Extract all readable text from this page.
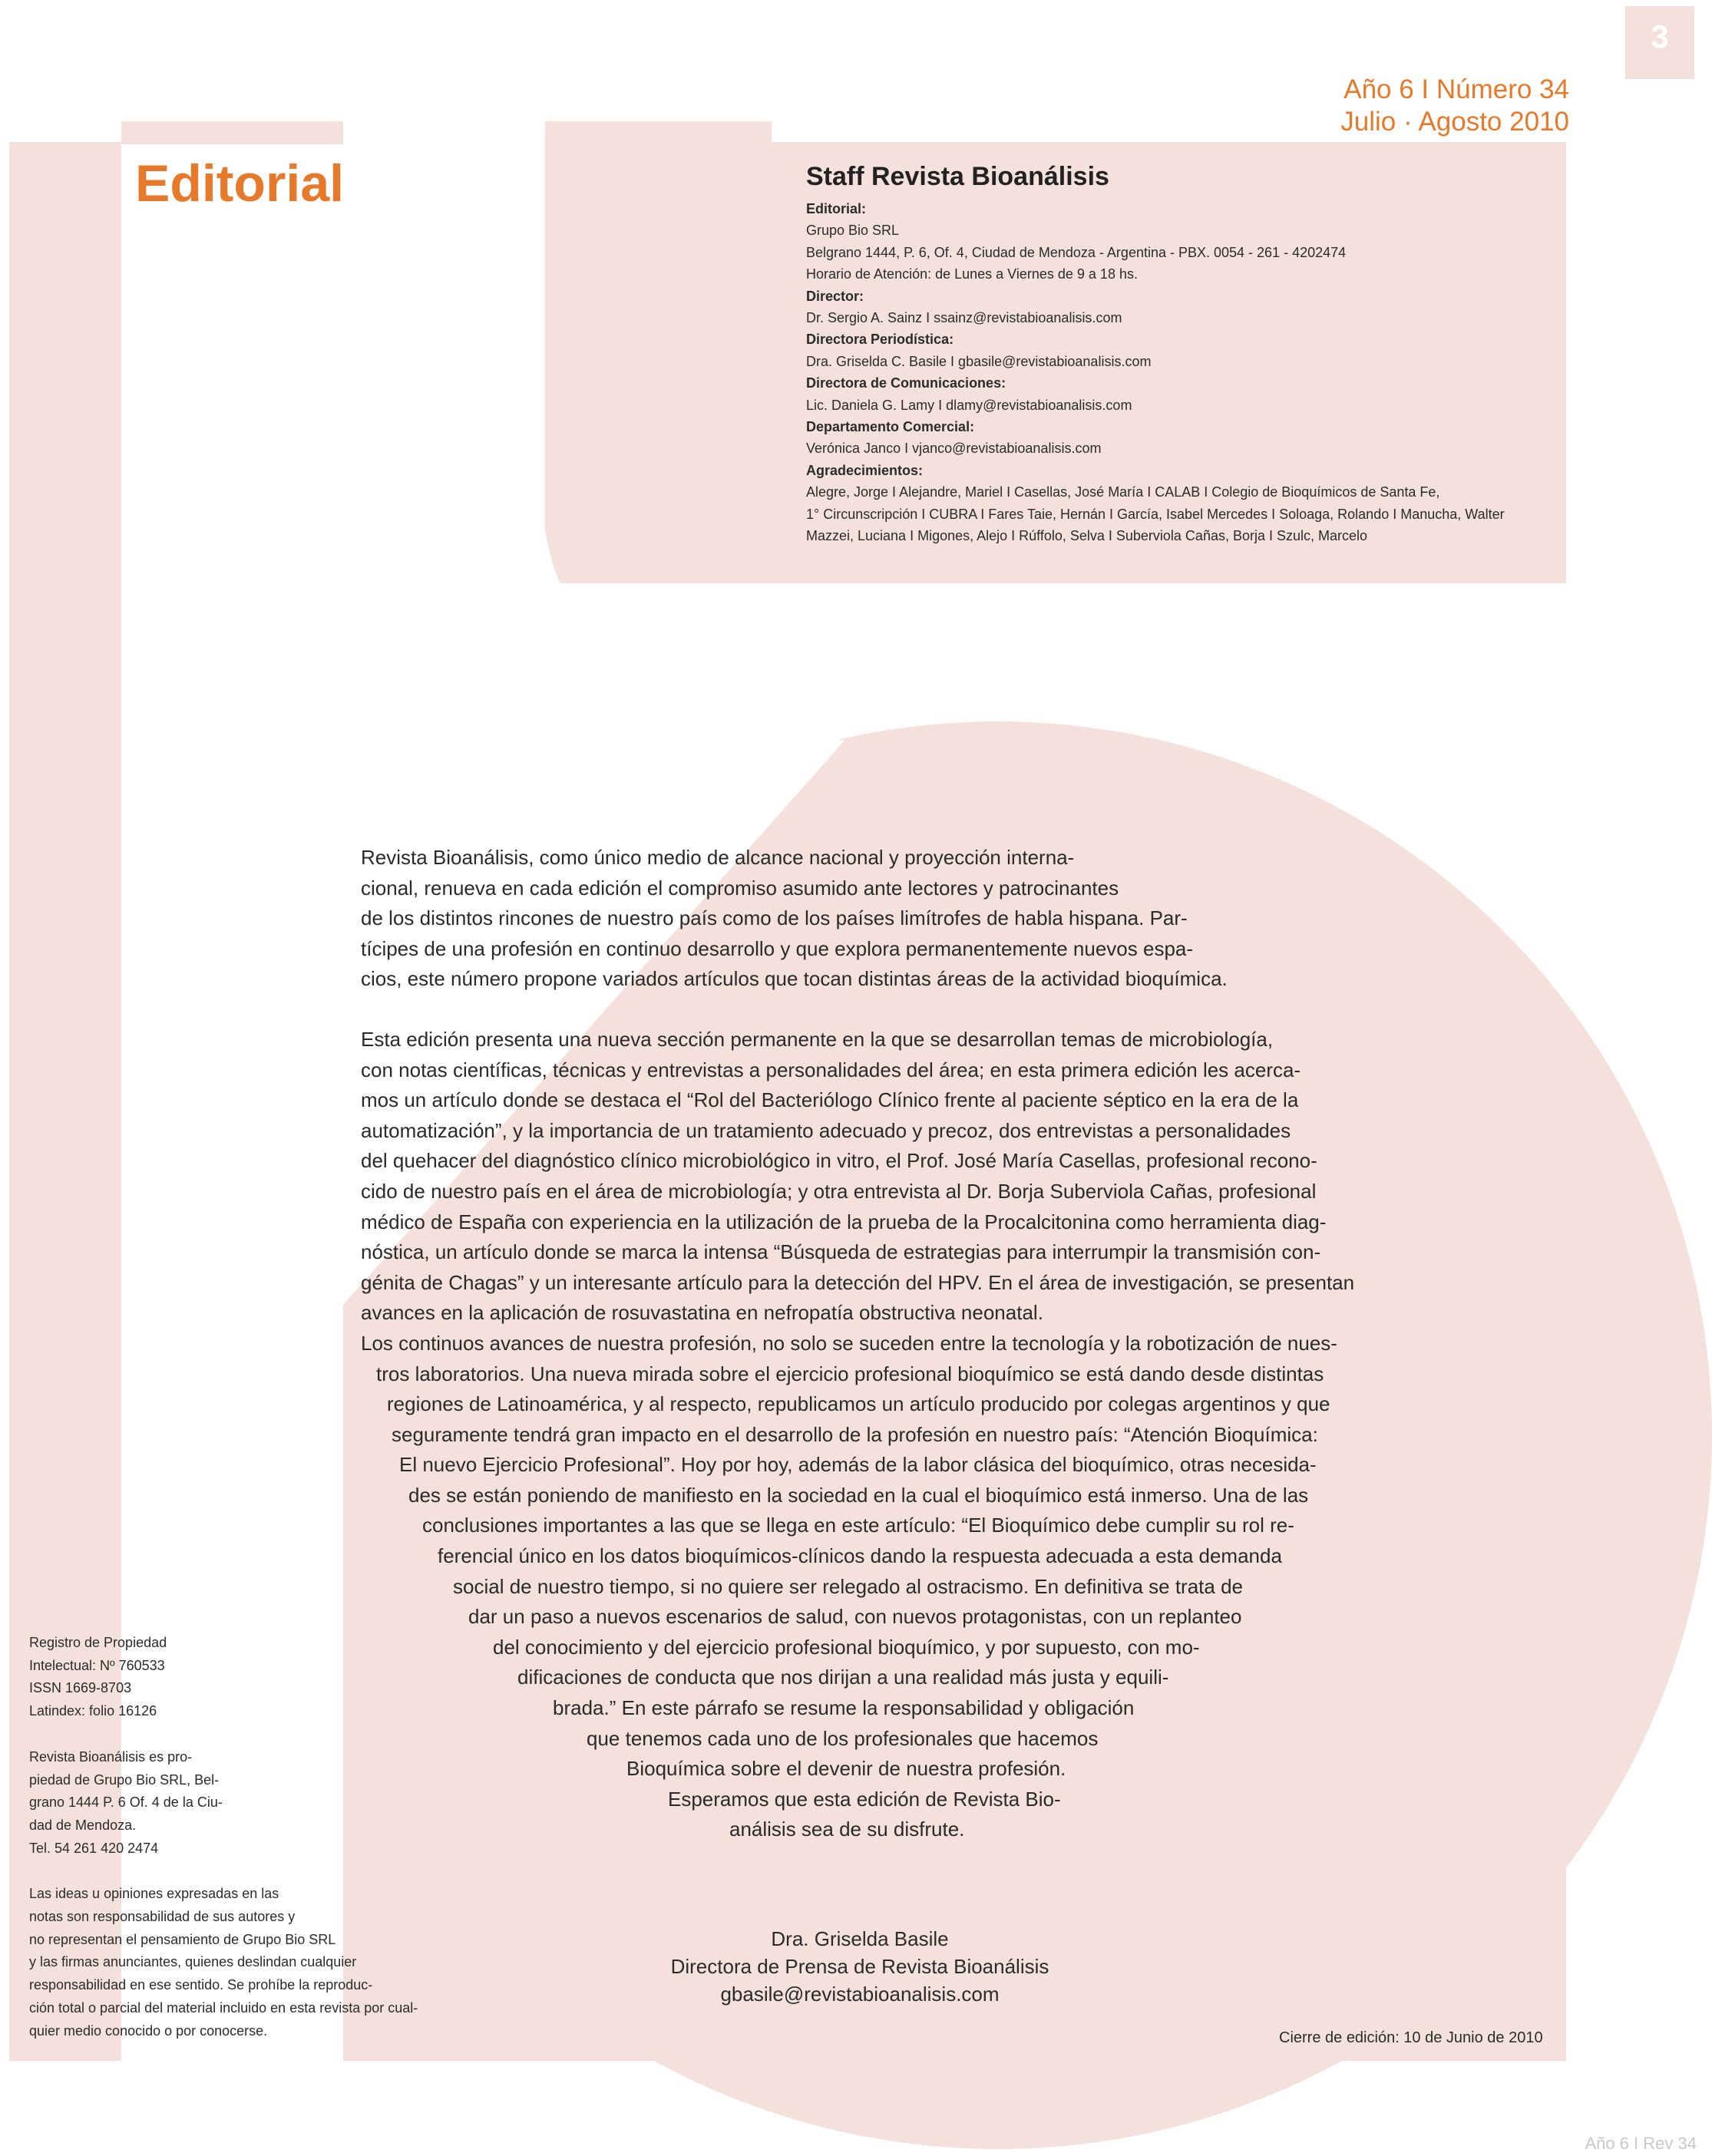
3
Año 6 I Número 34
Julio · Agosto 2010
Editorial	Staff Revista Bioanálisis
Editorial:
Grupo Bio SRL
Belgrano 1444, P. 6, Of. 4, Ciudad de Mendoza - Argentina - PBX. 0054 - 261 - 4202474
Horario de Atención: de Lunes a Viernes de 9 a 18 hs.
Director:
Dr. Sergio A. Sainz I ssainz@revistabioanalisis.com
Directora Periodística:
Dra. Griselda C. Basile I gbasile@revistabioanalisis.com
Directora de Comunicaciones:
Lic. Daniela G. Lamy I dlamy@revistabioanalisis.com
Departamento Comercial:
Verónica Janco I vjanco@revistabioanalisis.com
Agradecimientos:
Alegre, Jorge I Alejandre, Mariel I Casellas, José María I CALAB I Colegio de Bioquímicos de Santa Fe,
1° Circunscripción I CUBRA I Fares Taie, Hernán I García, Isabel Mercedes I Soloaga, Rolando I Manucha, Walter
Mazzei, Luciana I Migones, Alejo I Rúffolo, Selva I Suberviola Cañas, Borja I Szulc, Marcelo

Revista Bioanálisis, como único medio de alcance nacional y proyección interna-
cional, renueva en cada edición el compromiso asumido ante lectores y patrocinantes
de los distintos rincones de nuestro país como de los países limítrofes de habla hispana. Par-
tícipes de una profesión en continuo desarrollo y que explora permanentemente nuevos espa-
cios, este número propone variados artículos que tocan distintas áreas de la actividad bioquímica.

Esta edición presenta una nueva sección permanente en la que se desarrollan temas de microbiología,
con notas científicas, técnicas y entrevistas a personalidades del área; en esta primera edición les acerca-
mos un artículo donde se destaca el “Rol del Bacteriólogo Clínico frente al paciente séptico en la era de la
automatización”, y la importancia de un tratamiento adecuado y precoz, dos entrevistas a personalidades
del quehacer del diagnóstico clínico microbiológico in vitro, el Prof. José María Casellas, profesional recono-
cido de nuestro país en el área de microbiología; y otra entrevista al Dr. Borja Suberviola Cañas, profesional
médico de España con experiencia en la utilización de la prueba de la Procalcitonina como herramienta diag-
nóstica, un artículo donde se marca la intensa “Búsqueda de estrategias para interrumpir la transmisión con-
génita de Chagas” y un interesante artículo para la detección del HPV. En el área de investigación, se presentan
avances en la aplicación de rosuvastatina en nefropatía obstructiva neonatal.

Los continuos avances de nuestra profesión, no solo se suceden entre la tecnología y la robotización de nues-
tros laboratorios. Una nueva mirada sobre el ejercicio profesional bioquímico se está dando desde distintas
regiones de Latinoamérica, y al respecto, republicamos un artículo producido por colegas argentinos y que
seguramente tendrá gran impacto en el desarrollo de la profesión en nuestro país: “Atención Bioquímica:
El nuevo Ejercicio Profesional”. Hoy por hoy, además de la labor clásica del bioquímico, otras necesida-
des se están poniendo de manifiesto en la sociedad en la cual el bioquímico está inmerso. Una de las
conclusiones importantes a las que se llega en este artículo: “El Bioquímico debe cumplir su rol re-
ferencial único en los datos bioquímicos-clínicos dando la respuesta adecuada a esta demanda
social de nuestro tiempo, si no quiere ser relegado al ostracismo. En definitiva se trata de
dar un paso a nuevos escenarios de salud, con nuevos protagonistas, con un replanteo
del conocimiento y del ejercicio profesional bioquímico, y por supuesto, con mo-
dificaciones de conducta que nos dirijan a una realidad más justa y equili-
brada.” En este párrafo se resume la responsabilidad y obligación
que tenemos cada uno de los profesionales que hacemos
Bioquímica sobre el devenir de nuestra profesión.
Esperamos que esta edición de Revista Bio-
análisis sea de su disfrute.

Dra. Griselda Basile
Directora de Prensa de Revista Bioanálisis
gbasile@revistabioanalisis.com
Registro de Propiedad
Intelectual: Nº 760533
ISSN 1669-8703
Latindex: folio 16126
Revista Bioanálisis es pro-
piedad de Grupo Bio SRL, Bel-
grano 1444 P. 6 Of. 4 de la Ciu-
dad de Mendoza.
Tel. 54 261 420 2474
Las ideas u opiniones expresadas en las
notas son responsabilidad de sus autores y
no representan el pensamiento de Grupo Bio SRL
y las firmas anunciantes, quienes deslindan cualquier
responsabilidad en ese sentido. Se prohíbe la reproduc-
ción total o parcial del material incluido en esta revista por cual-
quier medio conocido o por conocerse.	Cierre de edición: 10 de Junio de 2010
Año 6 I Rev 34
